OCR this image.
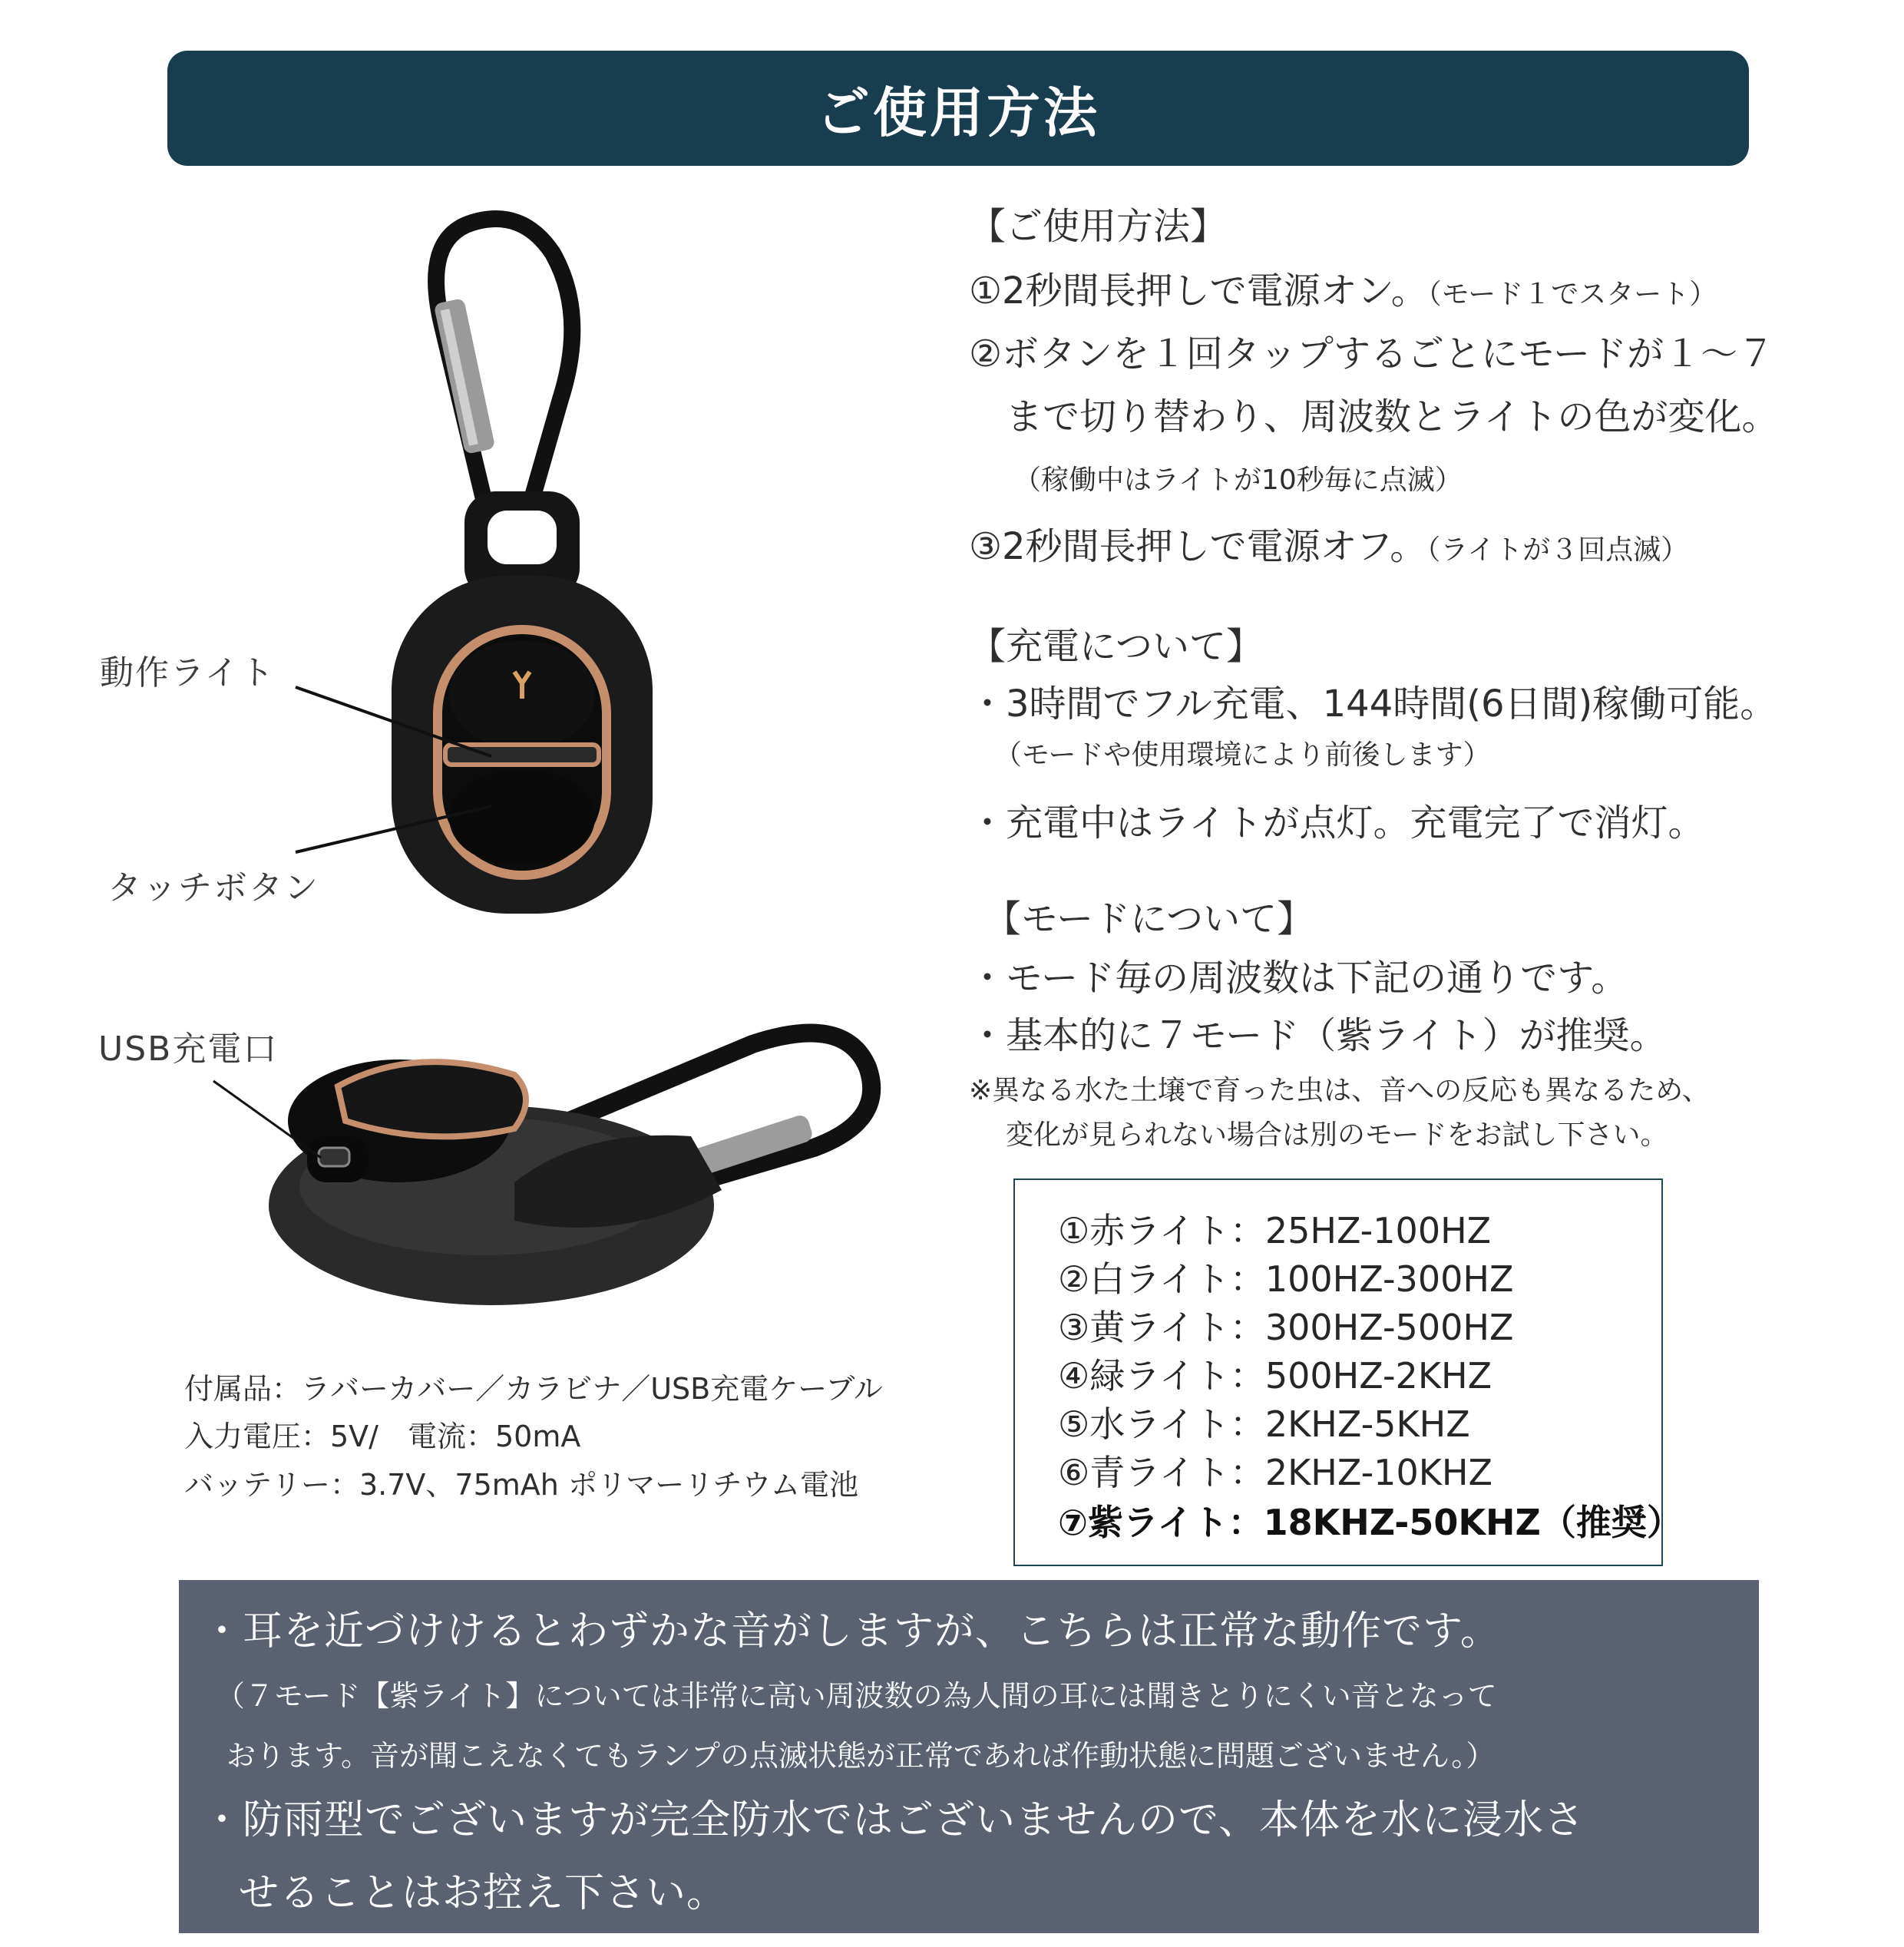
ご使用方法
動作ライト
タッチボタン
USB充電口
【ご使用方法】
①2秒間長押しで電源オン。（モード１でスタート）
②ボタンを１回タップするごとにモードが１～７
まで切り替わり、周波数とライトの色が変化。
（稼働中はライトが10秒毎に点滅）
③2秒間長押しで電源オフ。（ライトが３回点滅）
【充電について】
・3時間でフル充電、144時間(6日間)稼働可能。
（モードや使用環境により前後します）
・充電中はライトが点灯。充電完了で消灯。
【モードについて】
・モード毎の周波数は下記の通りです。
・基本的に７モード（紫ライト）が推奨。
※異なる水た土壌で育った虫は、音への反応も異なるため、
変化が見られない場合は別のモードをお試し下さい。
①赤ライト：25HZ-100HZ
②白ライト：100HZ-300HZ
③黄ライト：300HZ-500HZ
④緑ライト：500HZ-2KHZ
⑤水ライト：2KHZ-5KHZ
⑥青ライト：2KHZ-10KHZ
⑦紫ライト：18KHZ-50KHZ（推奨）
付属品：ラバーカバー／カラビナ／USB充電ケーブル
入力電圧：5V/　電流：50mA
バッテリー：3.7V、75mAh ポリマーリチウム電池
・耳を近づけけるとわずかな音がしますが、こちらは正常な動作です。
（７モード【紫ライト】については非常に高い周波数の為人間の耳には聞きとりにくい音となって
おります。音が聞こえなくてもランプの点滅状態が正常であれば作動状態に問題ございません。）
・防雨型でございますが完全防水ではございませんので、本体を水に浸水さ
せることはお控え下さい。
